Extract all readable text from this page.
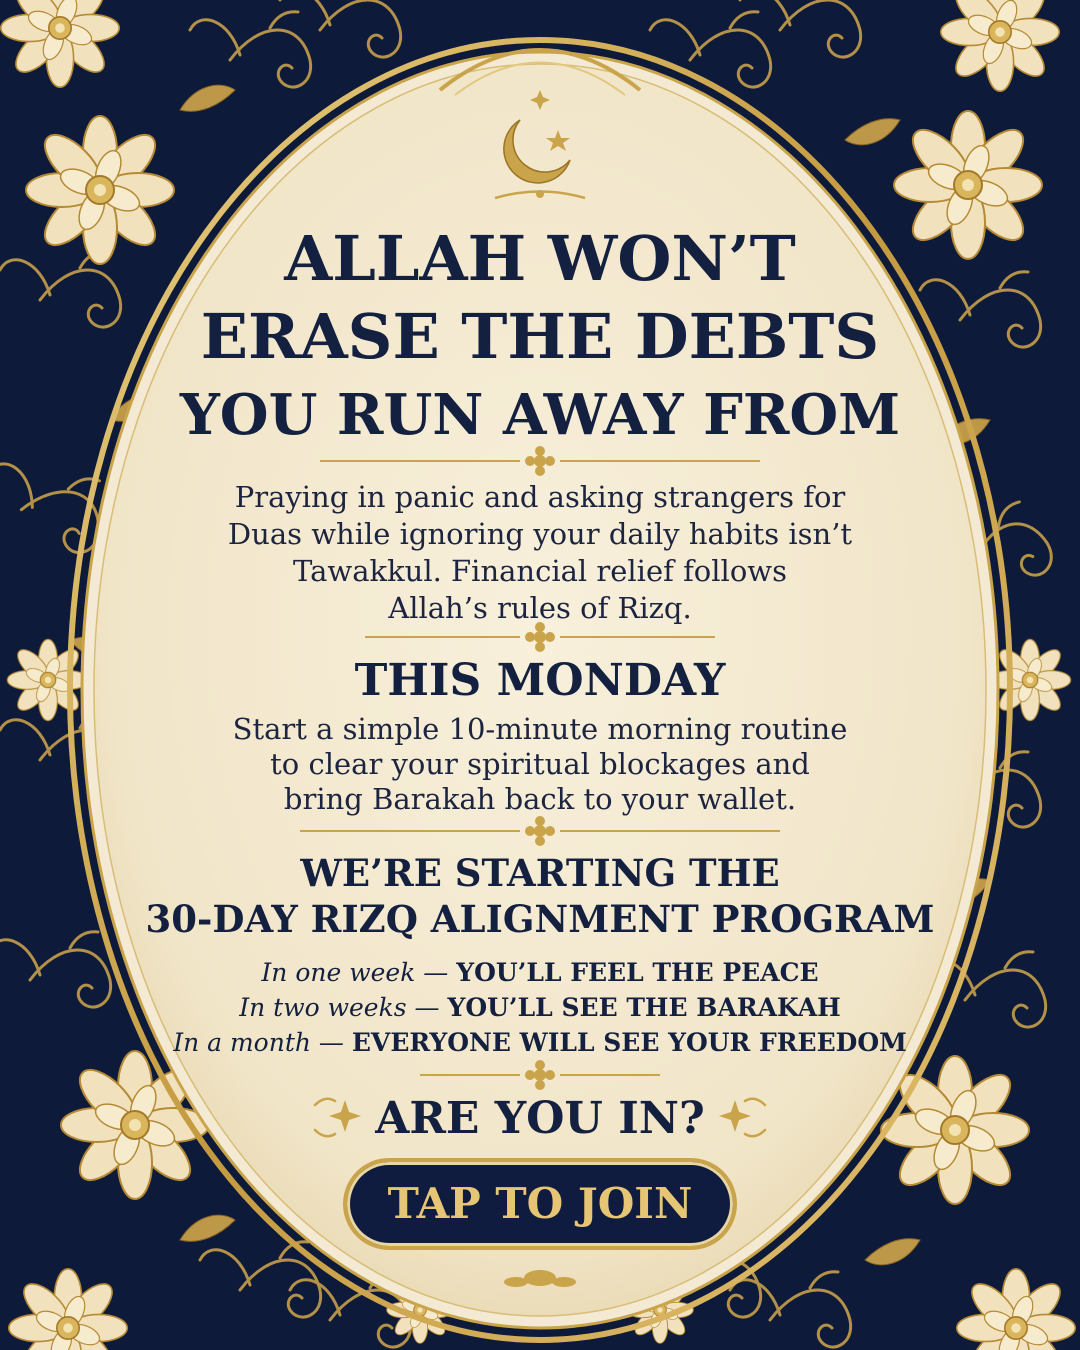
ALLAH WON’T

ERASE THE DEBTS

YOU RUN AWAY FROM

Praying in panic and asking strangers for

Duas while ignoring your daily habits isn’t

Tawakkul. Financial relief follows

Allah’s rules of Rizq.

THIS MONDAY

Start a simple 10-minute morning routine

to clear your spiritual blockages and

bring Barakah back to your wallet.

WE’RE STARTING THE

30-DAY RIZQ ALIGNMENT PROGRAM

In one week — YOU’LL FEEL THE PEACE

In two weeks — YOU’LL SEE THE BARAKAH

In a month — EVERYONE WILL SEE YOUR FREEDOM

ARE YOU IN?

TAP TO JOIN
